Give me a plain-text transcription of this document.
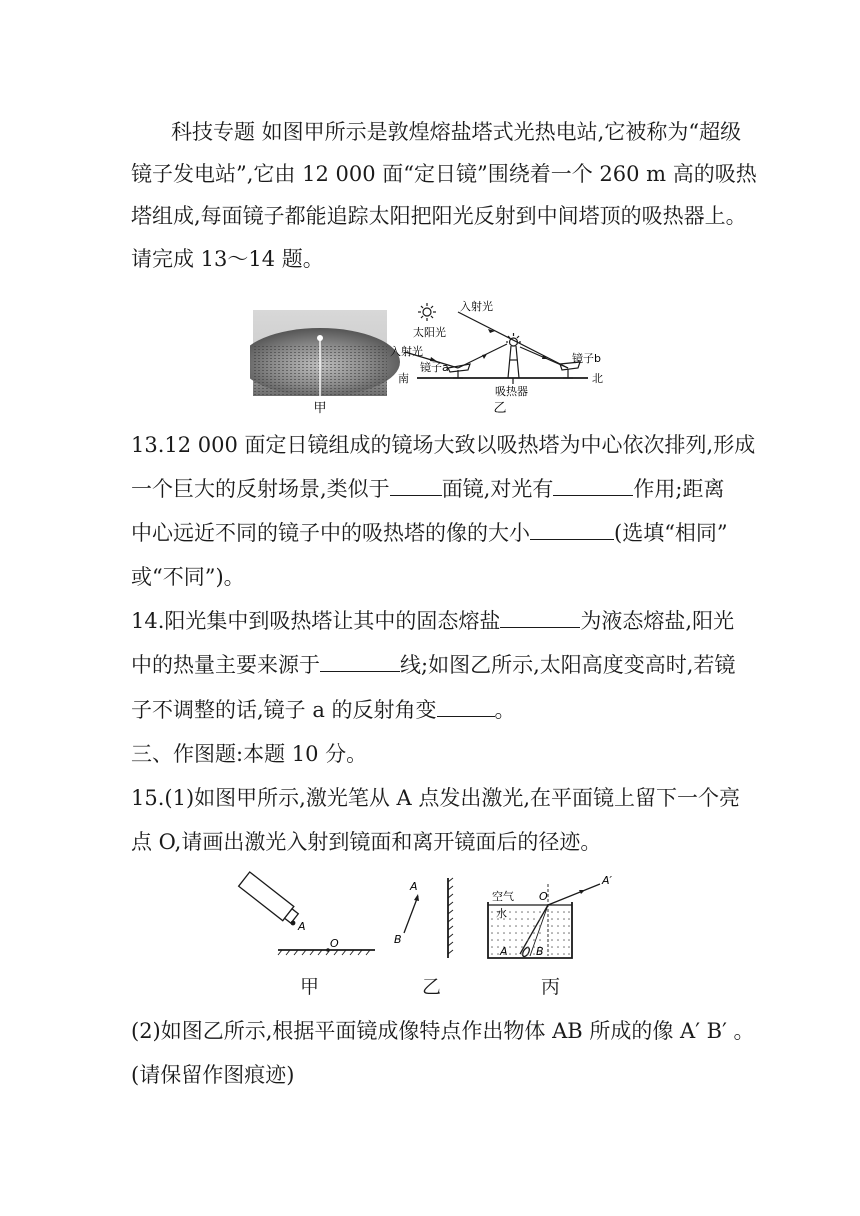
科技专题 如图甲所示是敦煌熔盐塔式光热电站,它被称为“超级
镜子发电站”,它由 12 000 面“定日镜”围绕着一个 260 m 高的吸热
塔组成,每面镜子都能追踪太阳把阳光反射到中间塔顶的吸热器上。
请完成 13～14 题。
甲
入射光
太阳光
入射光
镜子a
镜子b
南	北
吸热器
乙
13.12 000 面定日镜组成的镜场大致以吸热塔为中心依次排列,形成
一个巨大的反射场景,类似于 面镜,对光有	作用;距离
中心远近不同的镜子中的吸热塔的像的大小	(选填“相同”
或“不同”)。
14.阳光集中到吸热塔让其中的固态熔盐	为液态熔盐,阳光
中的热量主要来源于	线;如图乙所示,太阳高度变高时,若镜
子不调整的话,镜子 a 的反射角变	。
三、作图题:本题 10 分。
15.(1)如图甲所示,激光笔从 A 点发出激光,在平面镜上留下一个亮
点 O,请画出激光入射到镜面和离开镜面后的径迹。
A
O	B
A
空气
水
O
A′
A	B
甲	乙	丙
(2)如图乙所示,根据平面镜成像特点作出物体 AB 所成的像 A′ B′ 。
(请保留作图痕迹)
